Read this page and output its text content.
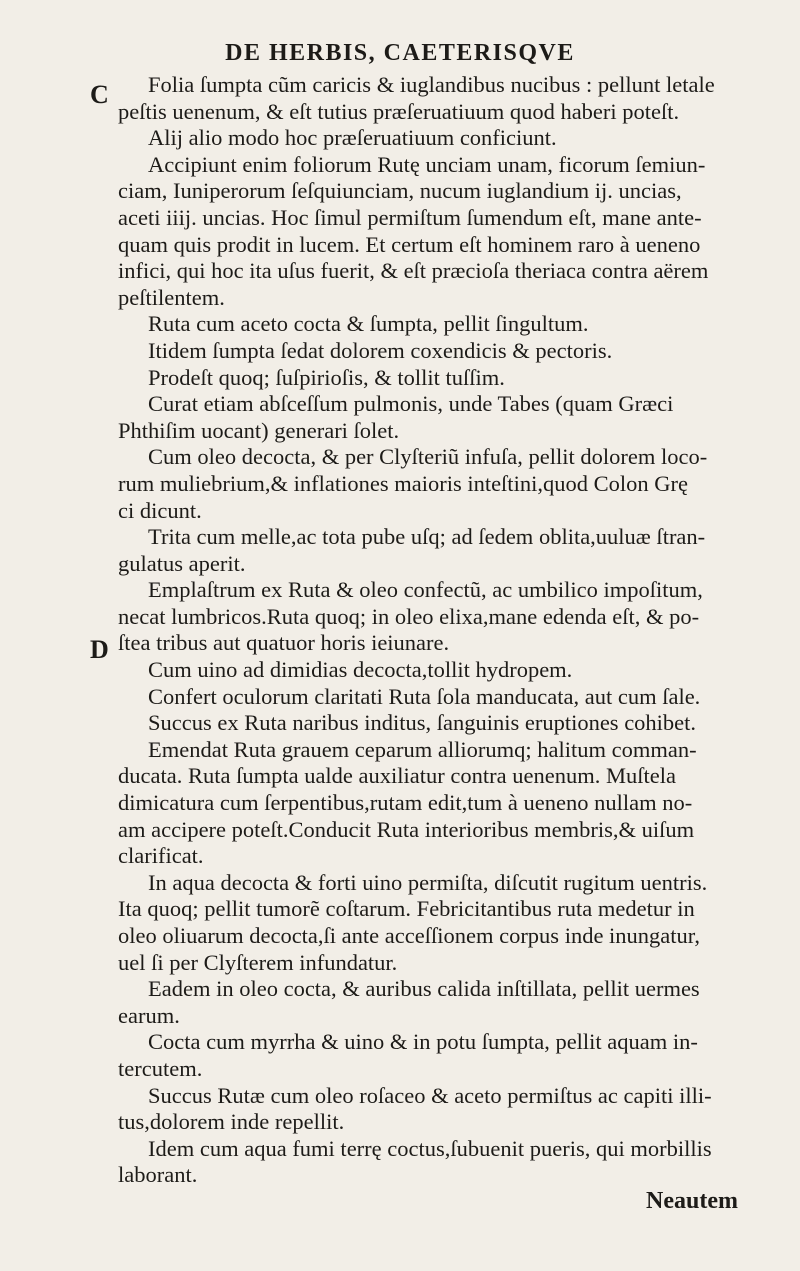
DE HERBIS, CAETERISQVE
C
D
Folia ſumpta cũm caricis & iuglandibus nucibus : pellunt letale
peſtis uenenum, & eſt tutius præſeruatiuum quod haberi poteſt.
Alij alio modo hoc præſeruatiuum conficiunt.
Accipiunt enim foliorum Rutę unciam unam, ficorum ſemiun-
ciam, Iuniperorum ſeſquiunciam, nucum iuglandium ij. uncias,
aceti iiij. uncias. Hoc ſimul permiſtum ſumendum eſt, mane ante-
quam quis prodit in lucem. Et certum eſt hominem raro à ueneno
infici, qui hoc ita uſus fuerit, & eſt præcioſa theriaca contra aërem
peſtilentem.
Ruta cum aceto cocta & ſumpta, pellit ſingultum.
Itidem ſumpta ſedat dolorem coxendicis & pectoris.
Prodeſt quoq; ſuſpirioſis, & tollit tuſſim.
Curat etiam abſceſſum pulmonis, unde Tabes (quam Græci
Phthiſim uocant) generari ſolet.
Cum oleo decocta, & per Clyſteriũ infuſa, pellit dolorem loco-
rum muliebrium,& inflationes maioris inteſtini,quod Colon Grę
ci dicunt.
Trita cum melle,ac tota pube uſq; ad ſedem oblita,uuluæ ſtran-
gulatus aperit.
Emplaſtrum ex Ruta & oleo confectũ, ac umbilico impoſitum,
necat lumbricos.Ruta quoq; in oleo elixa,mane edenda eſt, & po-
ſtea tribus aut quatuor horis ieiunare.
Cum uino ad dimidias decocta,tollit hydropem.
Confert oculorum claritati Ruta ſola manducata, aut cum ſale.
Succus ex Ruta naribus inditus, ſanguinis eruptiones cohibet.
Emendat Ruta grauem ceparum alliorumq; halitum comman-
ducata. Ruta ſumpta ualde auxiliatur contra uenenum. Muſtela
dimicatura cum ſerpentibus,rutam edit,tum à ueneno nullam no-
am accipere poteſt.Conducit Ruta interioribus membris,& uiſum
clarificat.
In aqua decocta & forti uino permiſta, diſcutit rugitum uentris.
Ita quoq; pellit tumorẽ coſtarum. Febricitantibus ruta medetur in
oleo oliuarum decocta,ſi ante acceſſionem corpus inde inungatur,
uel ſi per Clyſterem infundatur.
Eadem in oleo cocta, & auribus calida inſtillata, pellit uermes
earum.
Cocta cum myrrha & uino & in potu ſumpta, pellit aquam in-
tercutem.
Succus Rutæ cum oleo roſaceo & aceto permiſtus ac capiti illi-
tus,dolorem inde repellit.
Idem cum aqua fumi terrę coctus,ſubuenit pueris, qui morbillis
laborant.
Neautem
